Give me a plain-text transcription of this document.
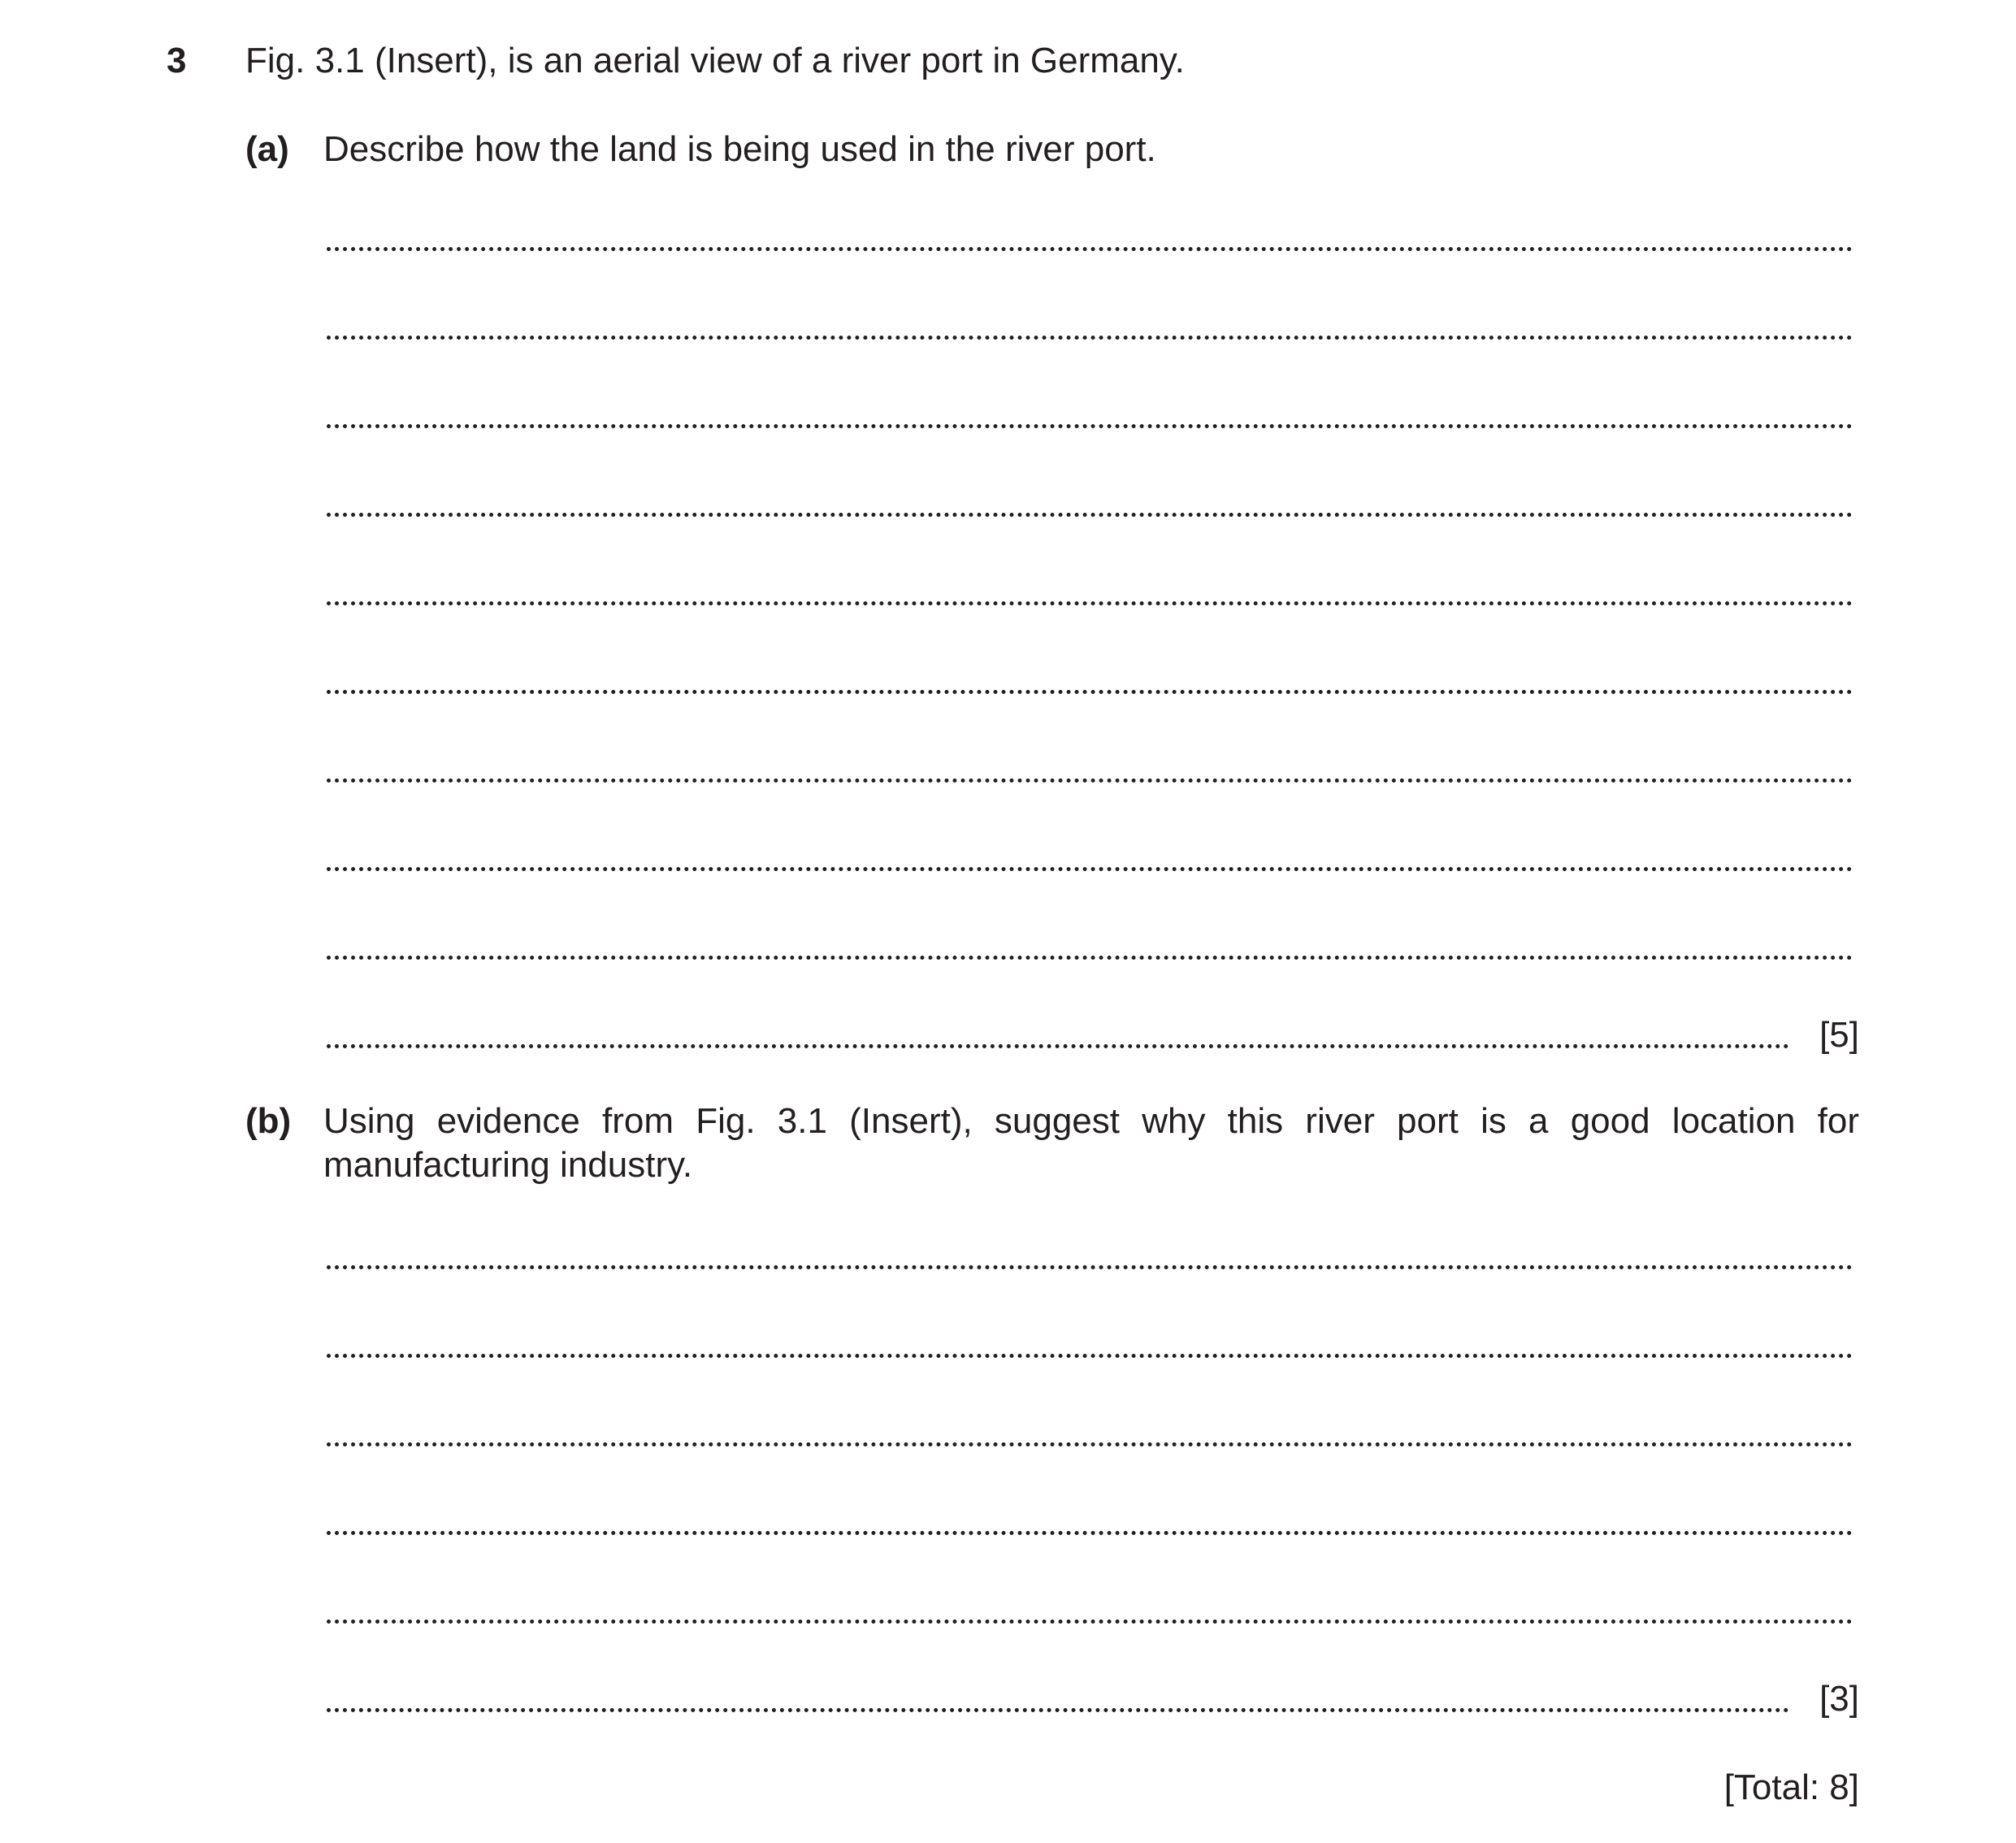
3 Fig. 3.1 (Insert), is an aerial view of a river port in Germany.
(a) Describe how the land is being used in the river port.
[5]
(b) Using evidence from Fig. 3.1 (Insert), suggest why this river port is a good location for
manufacturing industry.
[3]
[Total: 8]
